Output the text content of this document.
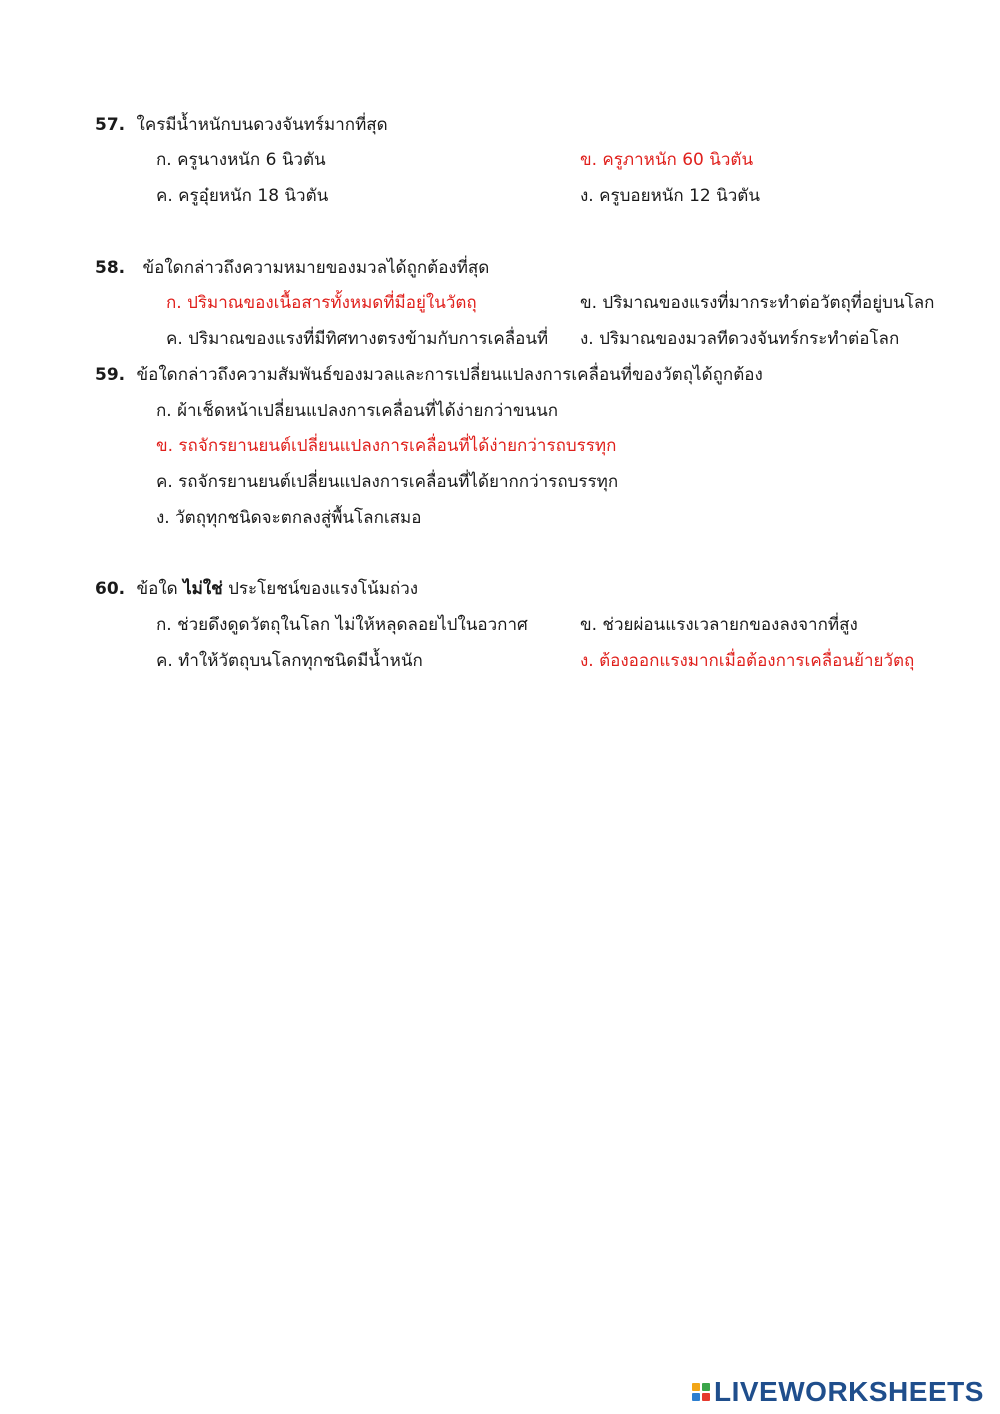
57. ใครมีน้ำหนักบนดวงจันทร์มากที่สุด
ก. ครูนางหนัก 6 นิวตัน	ข. ครูภาหนัก 60 นิวตัน
ค. ครูอุ๋ยหนัก 18 นิวตัน	ง. ครูบอยหนัก 12 นิวตัน
58. ข้อใดกล่าวถึงความหมายของมวลได้ถูกต้องที่สุด
ก. ปริมาณของเนื้อสารทั้งหมดที่มีอยู่ในวัตถุ	ข. ปริมาณของแรงที่มากระทำต่อวัตถุที่อยู่บนโลก
ค. ปริมาณของแรงที่มีทิศทางตรงข้ามกับการเคลื่อนที่ ง. ปริมาณของมวลทีดวงจันทร์กระทำต่อโลก
59. ข้อใดกล่าวถึงความสัมพันธ์ของมวลและการเปลี่ยนแปลงการเคลื่อนที่ของวัตถุได้ถูกต้อง
ก. ผ้าเช็ดหน้าเปลี่ยนแปลงการเคลื่อนที่ได้ง่ายกว่าขนนก
ข. รถจักรยานยนต์เปลี่ยนแปลงการเคลื่อนที่ได้ง่ายกว่ารถบรรทุก
ค. รถจักรยานยนต์เปลี่ยนแปลงการเคลื่อนที่ได้ยากกว่ารถบรรทุก
ง. วัตถุทุกชนิดจะตกลงสู่พื้นโลกเสมอ
60. ข้อใด ไม่ใช่ ประโยชน์ของแรงโน้มถ่วง
ก. ช่วยดึงดูดวัตถุในโลก ไม่ให้หลุดลอยไปในอวกาศ	ข. ช่วยผ่อนแรงเวลายกของลงจากที่สูง
ค. ทำให้วัตถุบนโลกทุกชนิดมีน้ำหนัก	ง. ต้องออกแรงมากเมื่อต้องการเคลื่อนย้ายวัตถุ
LIVEWORKSHEETS
